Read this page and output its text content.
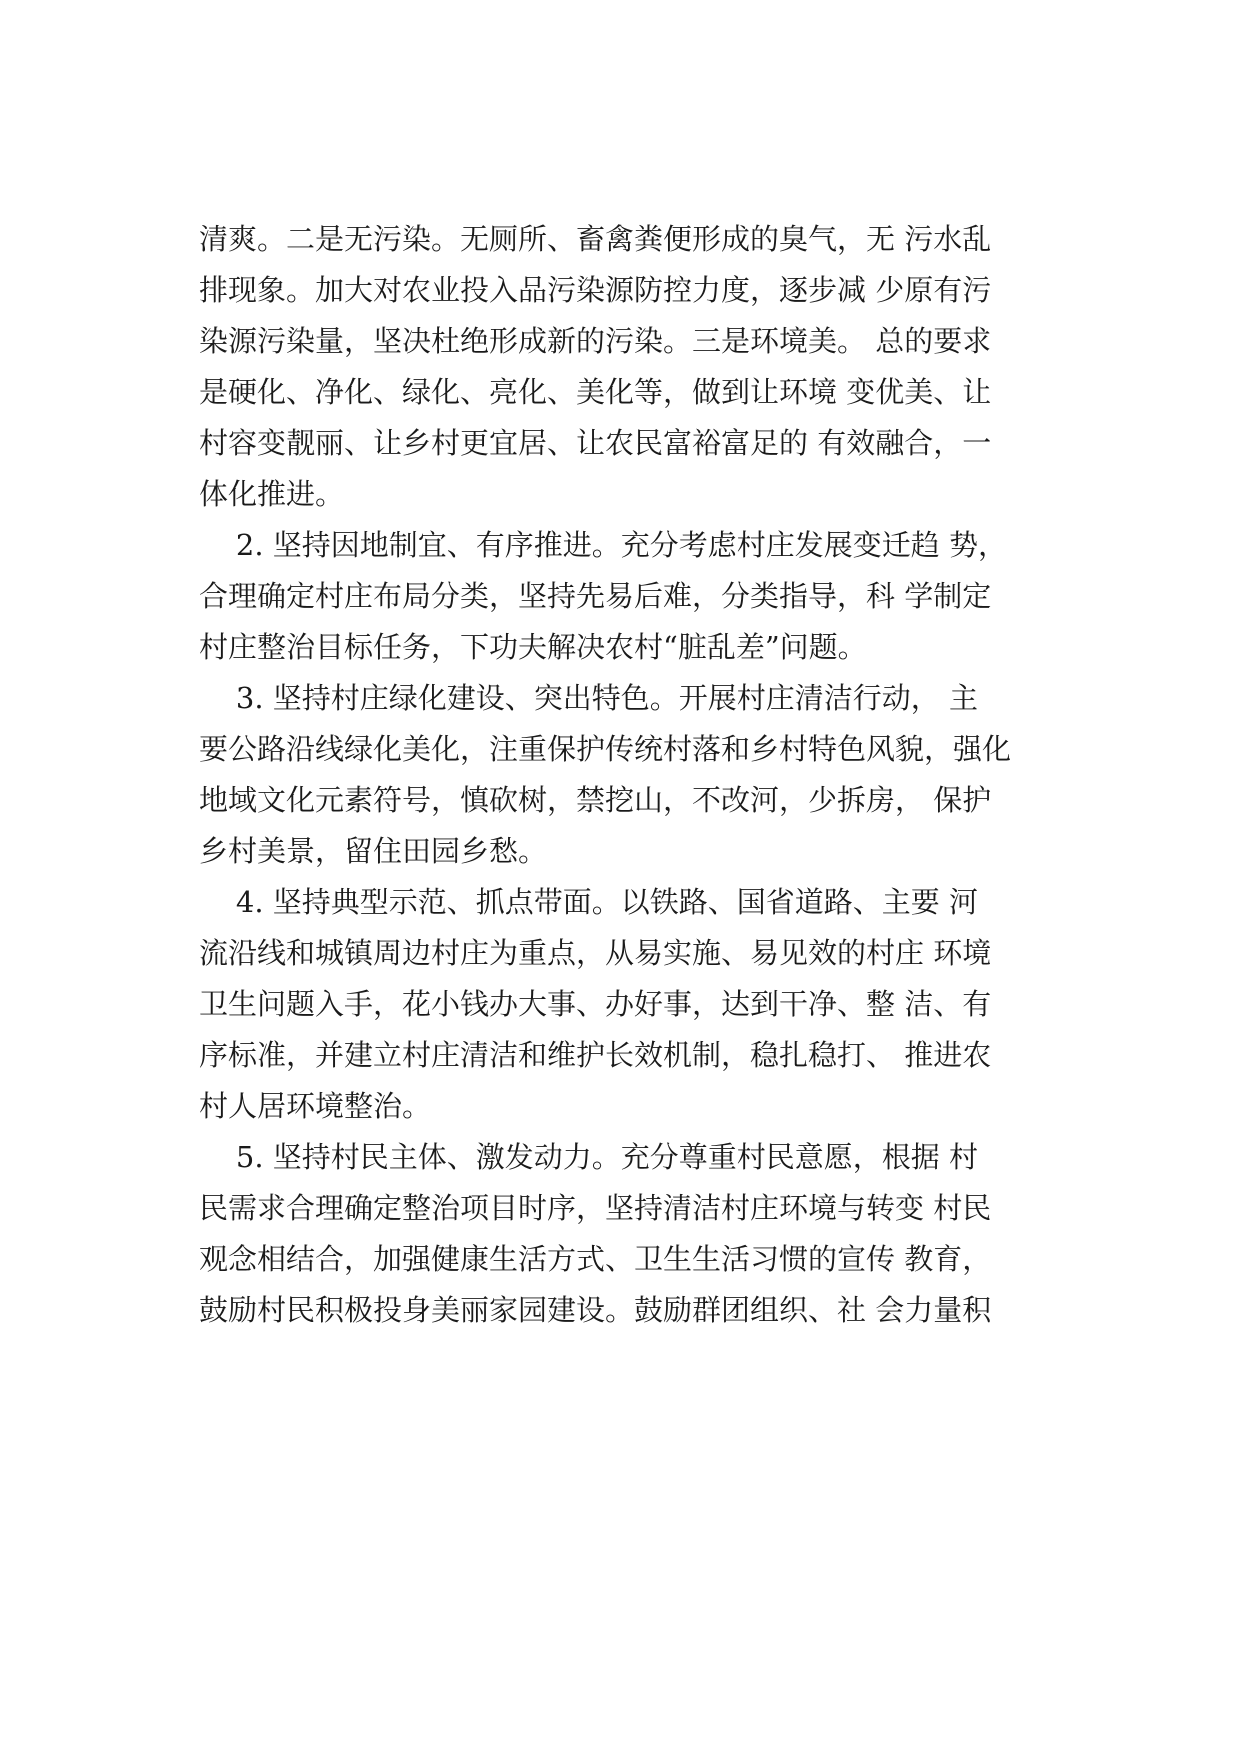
清爽。二是无污染。无厕所、畜禽粪便形成的臭气，无 污水乱
排现象。加大对农业投入品污染源防控力度，逐步减 少原有污
染源污染量，坚决杜绝形成新的污染。三是环境美。 总的要求
是硬化、净化、绿化、亮化、美化等，做到让环境 变优美、让
村容变靓丽、让乡村更宜居、让农民富裕富足的 有效融合，一
体化推进。
2. 坚持因地制宜、有序推进。充分考虑村庄发展变迁趋 势，
合理确定村庄布局分类，坚持先易后难，分类指导，科 学制定
村庄整治目标任务，下功夫解决农村“脏乱差”问题。
3. 坚持村庄绿化建设、突出特色。开展村庄清洁行动， 主
要公路沿线绿化美化，注重保护传统村落和乡村特色风貌，强化
地域文化元素符号，慎砍树，禁挖山，不改河，少拆房， 保护
乡村美景，留住田园乡愁。
4. 坚持典型示范、抓点带面。以铁路、国省道路、主要 河
流沿线和城镇周边村庄为重点，从易实施、易见效的村庄 环境
卫生问题入手，花小钱办大事、办好事，达到干净、整 洁、有
序标准，并建立村庄清洁和维护长效机制，稳扎稳打、 推进农
村人居环境整治。
5. 坚持村民主体、激发动力。充分尊重村民意愿，根据 村
民需求合理确定整治项目时序，坚持清洁村庄环境与转变 村民
观念相结合，加强健康生活方式、卫生生活习惯的宣传 教育，
鼓励村民积极投身美丽家园建设。鼓励群团组织、社 会力量积
